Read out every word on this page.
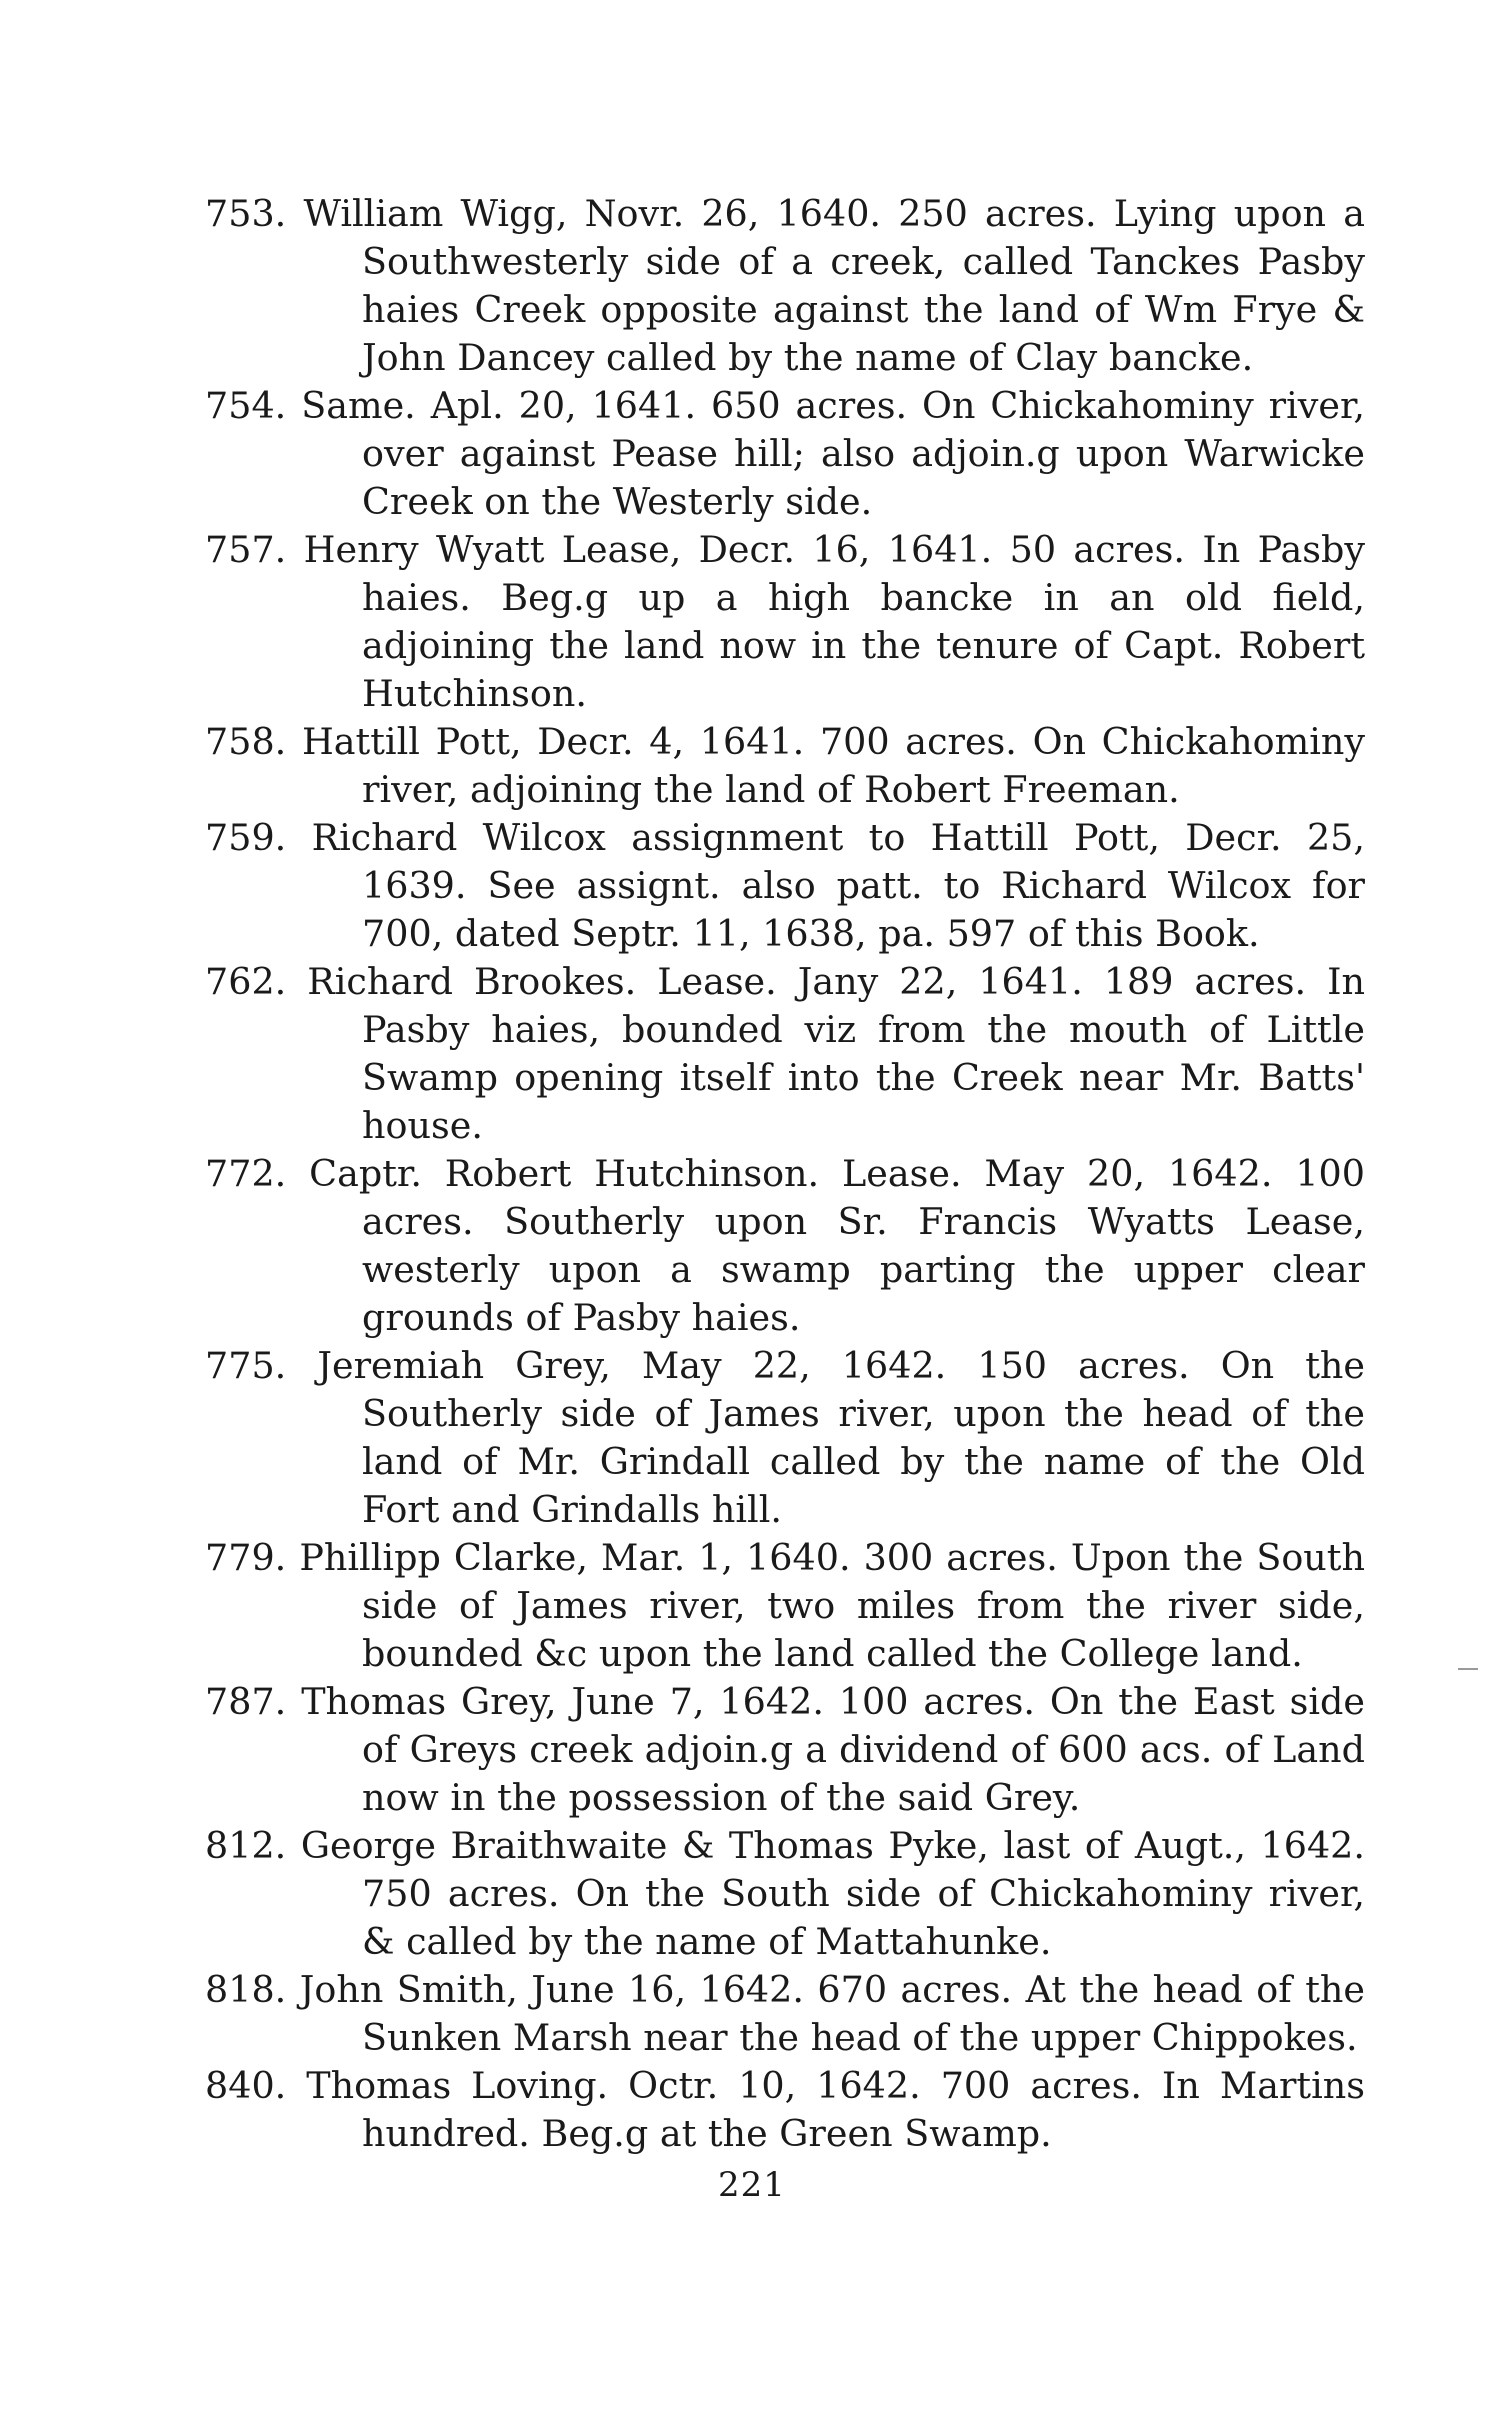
753. William Wigg, Novr. 26, 1640. 250 acres. Lying upon a Southwesterly side of a creek, called Tanckes Pasby haies Creek opposite against the land of Wm Frye & John Dancey called by the name of Clay bancke.

754. Same. Apl. 20, 1641. 650 acres. On Chickahominy river, over against Pease hill; also adjoin.g upon Warwicke Creek on the Westerly side.

757. Henry Wyatt Lease, Decr. 16, 1641. 50 acres. In Pasby haies. Beg.g up a high bancke in an old field, adjoining the land now in the tenure of Capt. Robert Hutchinson.

758. Hattill Pott, Decr. 4, 1641. 700 acres. On Chickahominy river, adjoining the land of Robert Freeman.

759. Richard Wilcox assignment to Hattill Pott, Decr. 25, 1639. See assignt. also patt. to Richard Wilcox for 700, dated Septr. 11, 1638, pa. 597 of this Book.

762. Richard Brookes. Lease. Jany 22, 1641. 189 acres. In Pasby haies, bounded viz from the mouth of Little Swamp opening itself into the Creek near Mr. Batts' house.

772. Captr. Robert Hutchinson. Lease. May 20, 1642. 100 acres. Southerly upon Sr. Francis Wyatts Lease, westerly upon a swamp parting the upper clear grounds of Pasby haies.

775. Jeremiah Grey, May 22, 1642. 150 acres. On the Southerly side of James river, upon the head of the land of Mr. Grindall called by the name of the Old Fort and Grindalls hill.

779. Phillipp Clarke, Mar. 1, 1640. 300 acres. Upon the South side of James river, two miles from the river side, bounded &c upon the land called the College land.

787. Thomas Grey, June 7, 1642. 100 acres. On the East side of Greys creek adjoin.g a dividend of 600 acs. of Land now in the possession of the said Grey.

812. George Braithwaite & Thomas Pyke, last of Augt., 1642. 750 acres. On the South side of Chickahominy river, & called by the name of Mattahunke.

818. John Smith, June 16, 1642. 670 acres. At the head of the Sunken Marsh near the head of the upper Chippokes.

840. Thomas Loving. Octr. 10, 1642. 700 acres. In Martins hundred. Beg.g at the Green Swamp.

221
